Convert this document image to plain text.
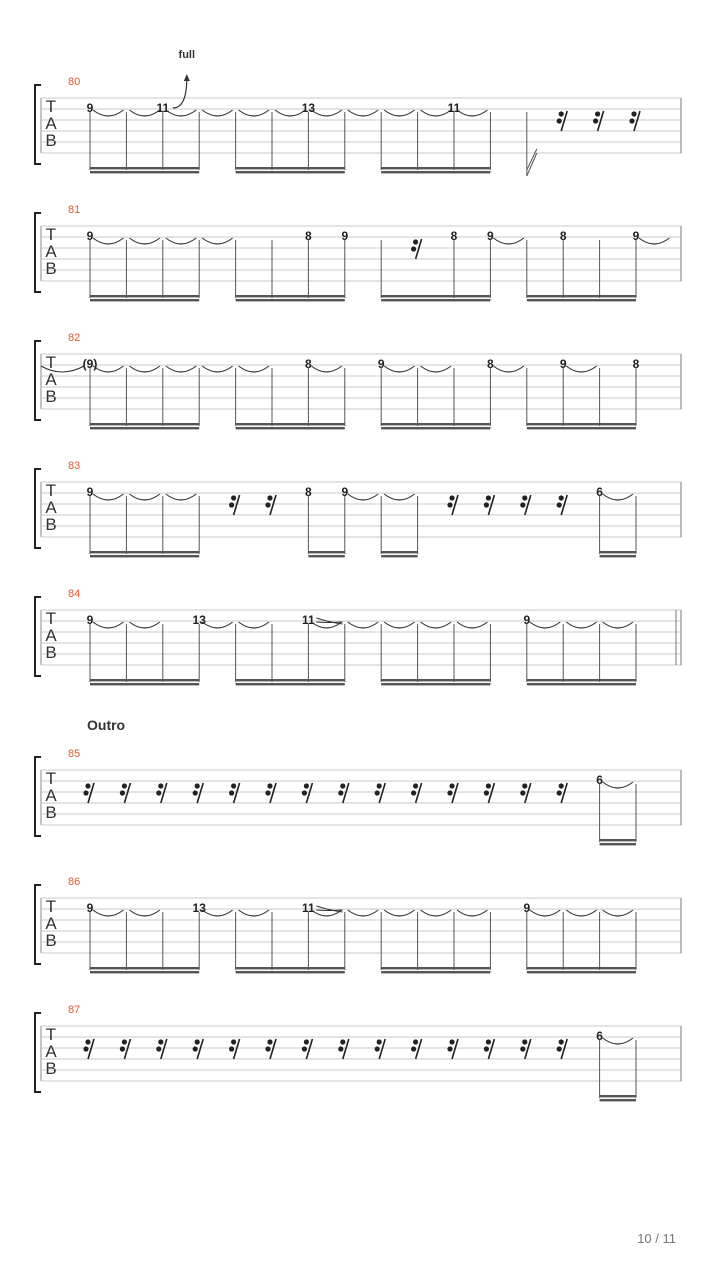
T
A
B
80
9	11
full
13	11
T
A
B
81
9	8 9	8 9	8	9
T
A
B
82
(9)	8	9	8	9	8
T
A
B
83
9	8 9	6
T
A
B
84
9	13	11	9
T
A
B
85
Outro
6
T
A
B
86
9	13	11	9
T
A
B
87
6
10 / 11
